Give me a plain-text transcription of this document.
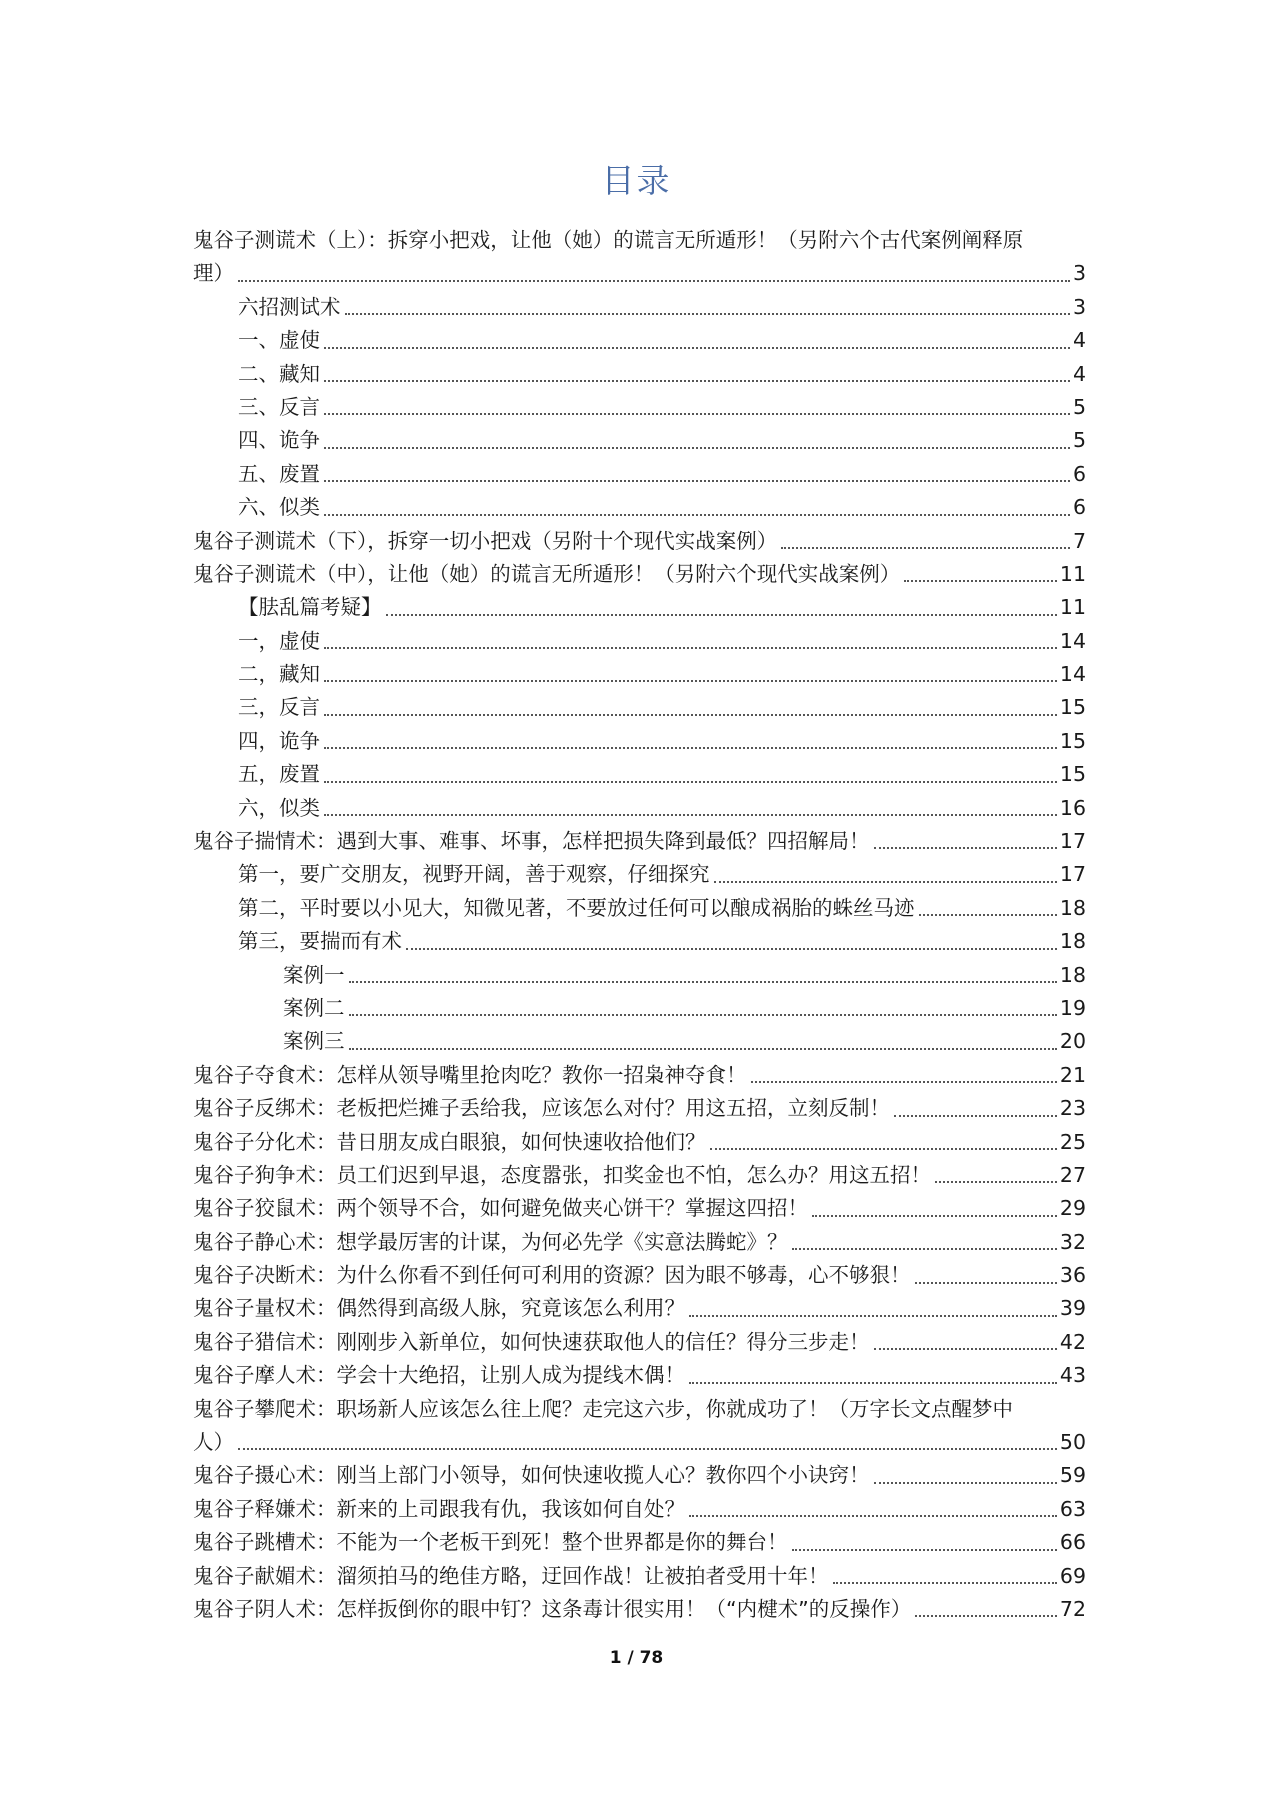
目录
鬼谷子测谎术（上）：拆穿小把戏，让他（她）的谎言无所遁形！（另附六个古代案例阐释原
理）	3
六招测试术	3
一、虚使	4
二、藏知	4
三、反言	5
四、诡争	5
五、废置	6
六、似类	6
鬼谷子测谎术（下），拆穿一切小把戏（另附十个现代实战案例）	7
鬼谷子测谎术（中），让他（她）的谎言无所遁形！（另附六个现代实战案例）	11
【胠乱篇考疑】	11
一，虚使	14
二，藏知	14
三，反言	15
四，诡争	15
五，废置	15
六，似类	16
鬼谷子揣情术：遇到大事、难事、坏事，怎样把损失降到最低？四招解局！	17
第一，要广交朋友，视野开阔，善于观察，仔细探究	17
第二，平时要以小见大，知微见著，不要放过任何可以酿成祸胎的蛛丝马迹	18
第三，要揣而有术	18
案例一	18
案例二	19
案例三	20
鬼谷子夺食术：怎样从领导嘴里抢肉吃？教你一招枭神夺食！	21
鬼谷子反绑术：老板把烂摊子丢给我，应该怎么对付？用这五招，立刻反制！	23
鬼谷子分化术：昔日朋友成白眼狼，如何快速收拾他们？	25
鬼谷子狗争术：员工们迟到早退，态度嚣张，扣奖金也不怕，怎么办？用这五招！	27
鬼谷子狡鼠术：两个领导不合，如何避免做夹心饼干？掌握这四招！	29
鬼谷子静心术：想学最厉害的计谋，为何必先学《实意法腾蛇》？	32
鬼谷子决断术：为什么你看不到任何可利用的资源？因为眼不够毒，心不够狠！	36
鬼谷子量权术：偶然得到高级人脉，究竟该怎么利用？	39
鬼谷子猎信术：刚刚步入新单位，如何快速获取他人的信任？得分三步走！	42
鬼谷子摩人术：学会十大绝招，让别人成为提线木偶！	43
鬼谷子攀爬术：职场新人应该怎么往上爬？走完这六步，你就成功了！（万字长文点醒梦中
人）	50
鬼谷子摄心术：刚当上部门小领导，如何快速收揽人心？教你四个小诀窍！	59
鬼谷子释嫌术：新来的上司跟我有仇，我该如何自处？	63
鬼谷子跳槽术：不能为一个老板干到死！整个世界都是你的舞台！	66
鬼谷子献媚术：溜须拍马的绝佳方略，迂回作战！让被拍者受用十年！	69
鬼谷子阴人术：怎样扳倒你的眼中钉？这条毒计很实用！（“内楗术”的反操作）	72
1 / 78
